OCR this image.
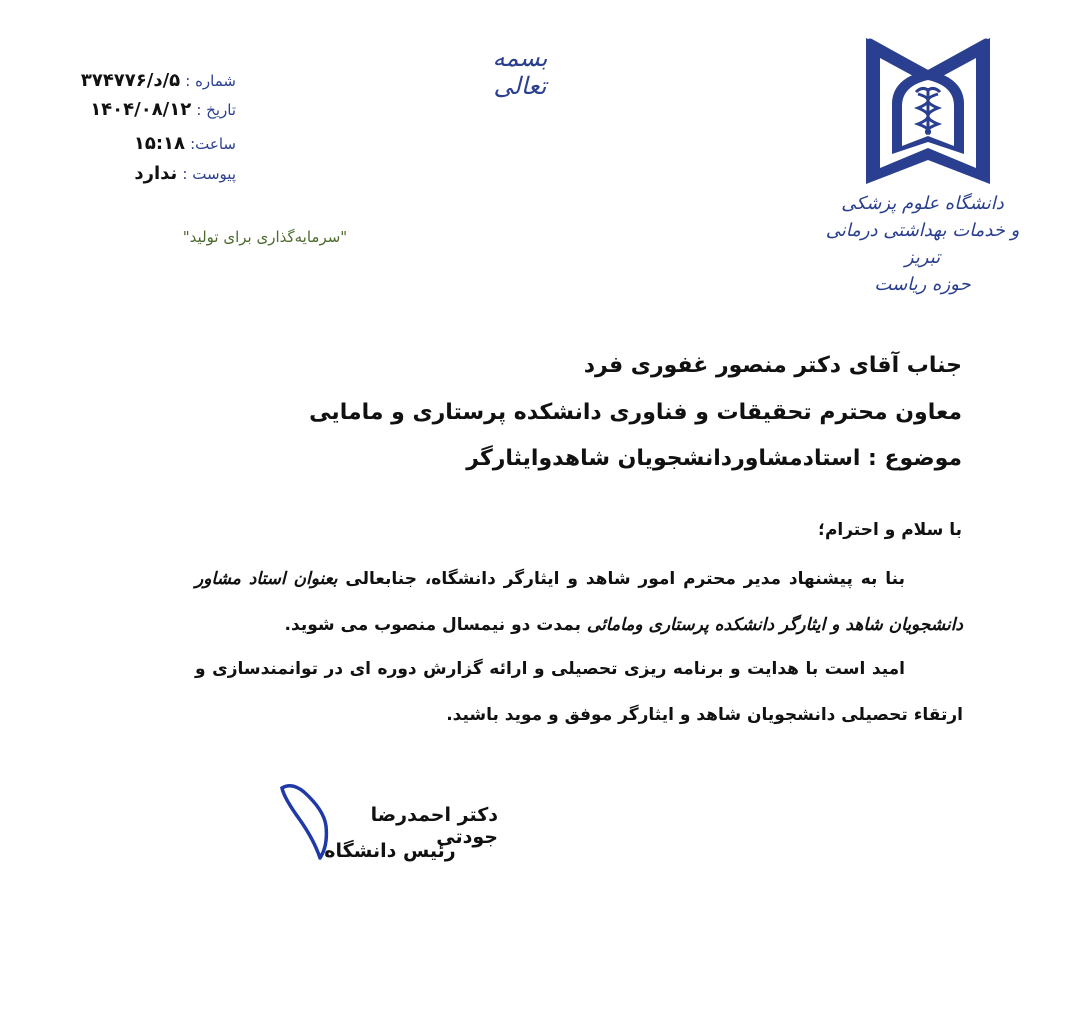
بسمه تعالی
شماره : ۵/د/۳۷۴۷۷۶
تاریخ : ۱۴۰۴/۰۸/۱۲
ساعت: ۱۵:۱۸
پیوست : ندارد
"سرمایه‌گذاری برای تولید"
دانشگاه علوم پزشکی
و خدمات بهداشتی درمانی تبریز
حوزه ریاست
جناب آقای دکتر منصور غفوری فرد
معاون محترم تحقیقات و فناوری دانشکده پرستاری و مامایی
موضوع : استادمشاوردانشجویان شاهدوایثارگر
با سلام و احترام؛
بنا به پیشنهاد مدیر محترم امور شاهد و ایثارگر دانشگاه، جنابعالی بعنوان استاد مشاور دانشجویان شاهد و ایثارگر دانشکده پرستاری ومامائی بمدت دو نیمسال منصوب می شوید.
امید است با هدایت و برنامه ریزی تحصیلی و ارائه گزارش دوره ای در توانمندسازی و ارتقاء تحصیلی دانشجویان شاهد و ایثارگر موفق و موید باشید.
دکتر احمدرضا جودتی
رئیس دانشگاه
